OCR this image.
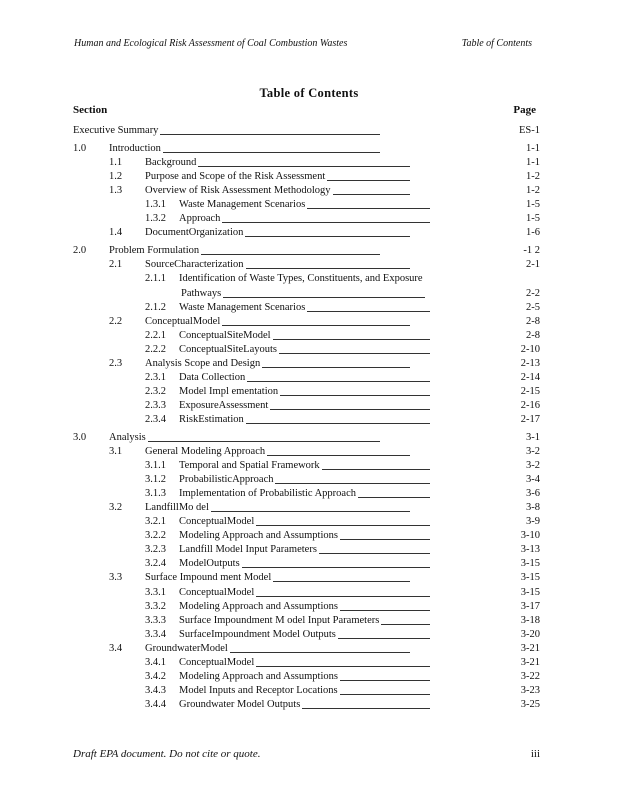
Human and Ecological Risk Assessment of Coal Combustion Wastes	Table of Contents
Table of Contents
Section	Page
Executive Summary	ES-1
1.0 Introduction	1-1
1.1 Background	1-1
1.2 Purpose and Scope of the Risk Assessment	1-2
1.3 Overview of Risk Assessment Methodology	1-2
1.3.1 Waste Management Scenarios	1-5
1.3.2 Approach	1-5
1.4 DocumentOrganization	1-6
2.0 Problem Formulation	-1 2
2.1 SourceCharacterization	2-1
2.1.1 Identification of Waste Types, Constituents, and Exposure
Pathways	2-2
2.1.2 Waste Management Scenarios	2-5
2.2 ConceptualModel	2-8
2.2.1 ConceptualSiteModel	2-8
2.2.2 ConceptualSiteLayouts	2-10
2.3 Analysis Scope and Design	2-13
2.3.1 Data Collection	2-14
2.3.2 Model Impl ementation	2-15
2.3.3 ExposureAssessment	2-16
2.3.4 RiskEstimation	2-17
3.0 Analysis	3-1
3.1 General Modeling Approach	3-2
3.1.1 Temporal and Spatial Framework	3-2
3.1.2 ProbabilisticApproach	3-4
3.1.3 Implementation of Probabilistic Approach	3-6
3.2 LandfillMo del	3-8
3.2.1 ConceptualModel	3-9
3.2.2 Modeling Approach and Assumptions	3-10
3.2.3 Landfill Model Input Parameters	3-13
3.2.4 ModelOutputs	3-15
3.3 Surface Impound ment Model	3-15
3.3.1 ConceptualModel	3-15
3.3.2 Modeling Approach and Assumptions	3-17
3.3.3 Surface Impoundment M odel Input Parameters	3-18
3.3.4 SurfaceImpoundment Model Outputs	3-20
3.4 GroundwaterModel	3-21
3.4.1 ConceptualModel	3-21
3.4.2 Modeling Approach and Assumptions	3-22
3.4.3 Model Inputs and Receptor Locations	3-23
3.4.4 Groundwater Model Outputs	3-25
Draft EPA document. Do not cite or quote.	iii
